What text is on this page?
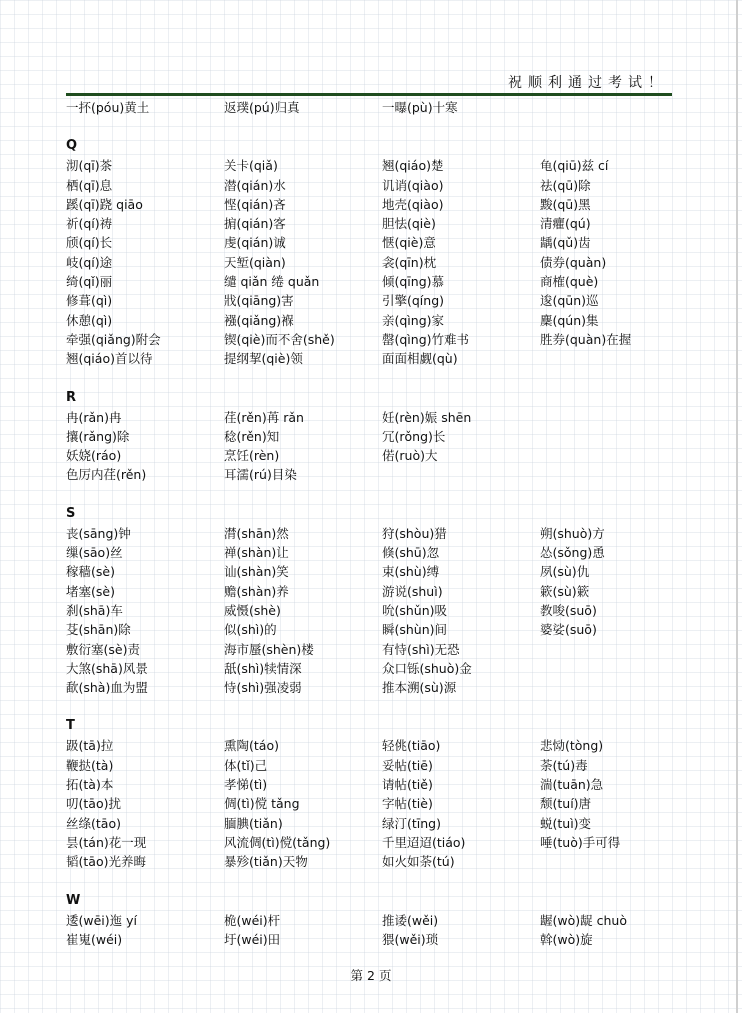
祝顺利通过考试！
一抔(póu)黄土	返璞(pú)归真	一曝(pù)十寒
Q
沏(qī)茶	关卡(qiǎ)	翘(qiáo)楚	龟(qiū)兹 cí
栖(qī)息	潜(qián)水	讥诮(qiào)	祛(qū)除
蹊(qī)跷 qiāo	悭(qián)吝	地壳(qiào)	黢(qū)黑
祈(qí)祷	掮(qián)客	胆怯(qiè)	清癯(qú)
颀(qí)长	虔(qián)诚	惬(qiè)意	龋(qǔ)齿
岐(qí)途	天堑(qiàn)	衾(qīn)枕	债券(quàn)
绮(qǐ)丽	缱 qiǎn 绻 quǎn	倾(qīng)慕	商榷(què)
修葺(qì)	戕(qiāng)害	引擎(qíng)	逡(qūn)巡
休憩(qì)	襁(qiǎng)褓	亲(qìng)家	麇(qún)集
牵强(qiǎng)附会	锲(qiè)而不舍(shě)	罄(qìng)竹难书	胜券(quàn)在握
翘(qiáo)首以待	提纲挈(qiè)领	面面相觑(qù)
R
冉(rǎn)冉	荏(rěn)苒 rǎn	妊(rèn)娠 shēn
攘(rǎng)除	稔(rěn)知	冗(rǒng)长
妖娆(ráo)	烹饪(rèn)	偌(ruò)大
色厉内荏(rěn)	耳濡(rú)目染
S
丧(sāng)钟	潸(shān)然	狩(shòu)猎	朔(shuò)方
缫(sāo)丝	禅(shàn)让	倏(shū)忽	怂(sǒng)恿
稼穑(sè)	讪(shàn)笑	束(shù)缚	夙(sù)仇
堵塞(sè)	赡(shàn)养	游说(shuì)	簌(sù)簌
刹(shā)车	威慑(shè)	吮(shǔn)吸	教唆(suō)
芟(shān)除	似(shì)的	瞬(shùn)间	婆娑(suō)
敷衍塞(sè)责	海市蜃(shèn)楼	有恃(shì)无恐
大煞(shā)风景	舐(shì)犊情深	众口铄(shuò)金
歃(shà)血为盟	恃(shì)强凌弱	推本溯(sù)源
T
趿(tā)拉	熏陶(táo)	轻佻(tiāo)	悲恸(tòng)
鞭挞(tà)	体(tǐ)己	妥帖(tiē)	荼(tú)毒
拓(tà)本	孝悌(tì)	请帖(tiě)	湍(tuān)急
叨(tāo)扰	倜(tì)傥 tǎng	字帖(tiè)	颓(tuí)唐
丝绦(tāo)	腼腆(tiǎn)	绿汀(tīng)	蜕(tuì)变
昙(tán)花一现	风流倜(tì)傥(tǎng)	千里迢迢(tiáo)	唾(tuò)手可得
韬(tāo)光养晦	暴殄(tiǎn)天物	如火如荼(tú)
W
逶(wēi)迤 yí	桅(wéi)杆	推诿(wěi)	龌(wò)龊 chuò
崔嵬(wéi)	圩(wéi)田	猥(wěi)琐	斡(wò)旋
第 2 页
